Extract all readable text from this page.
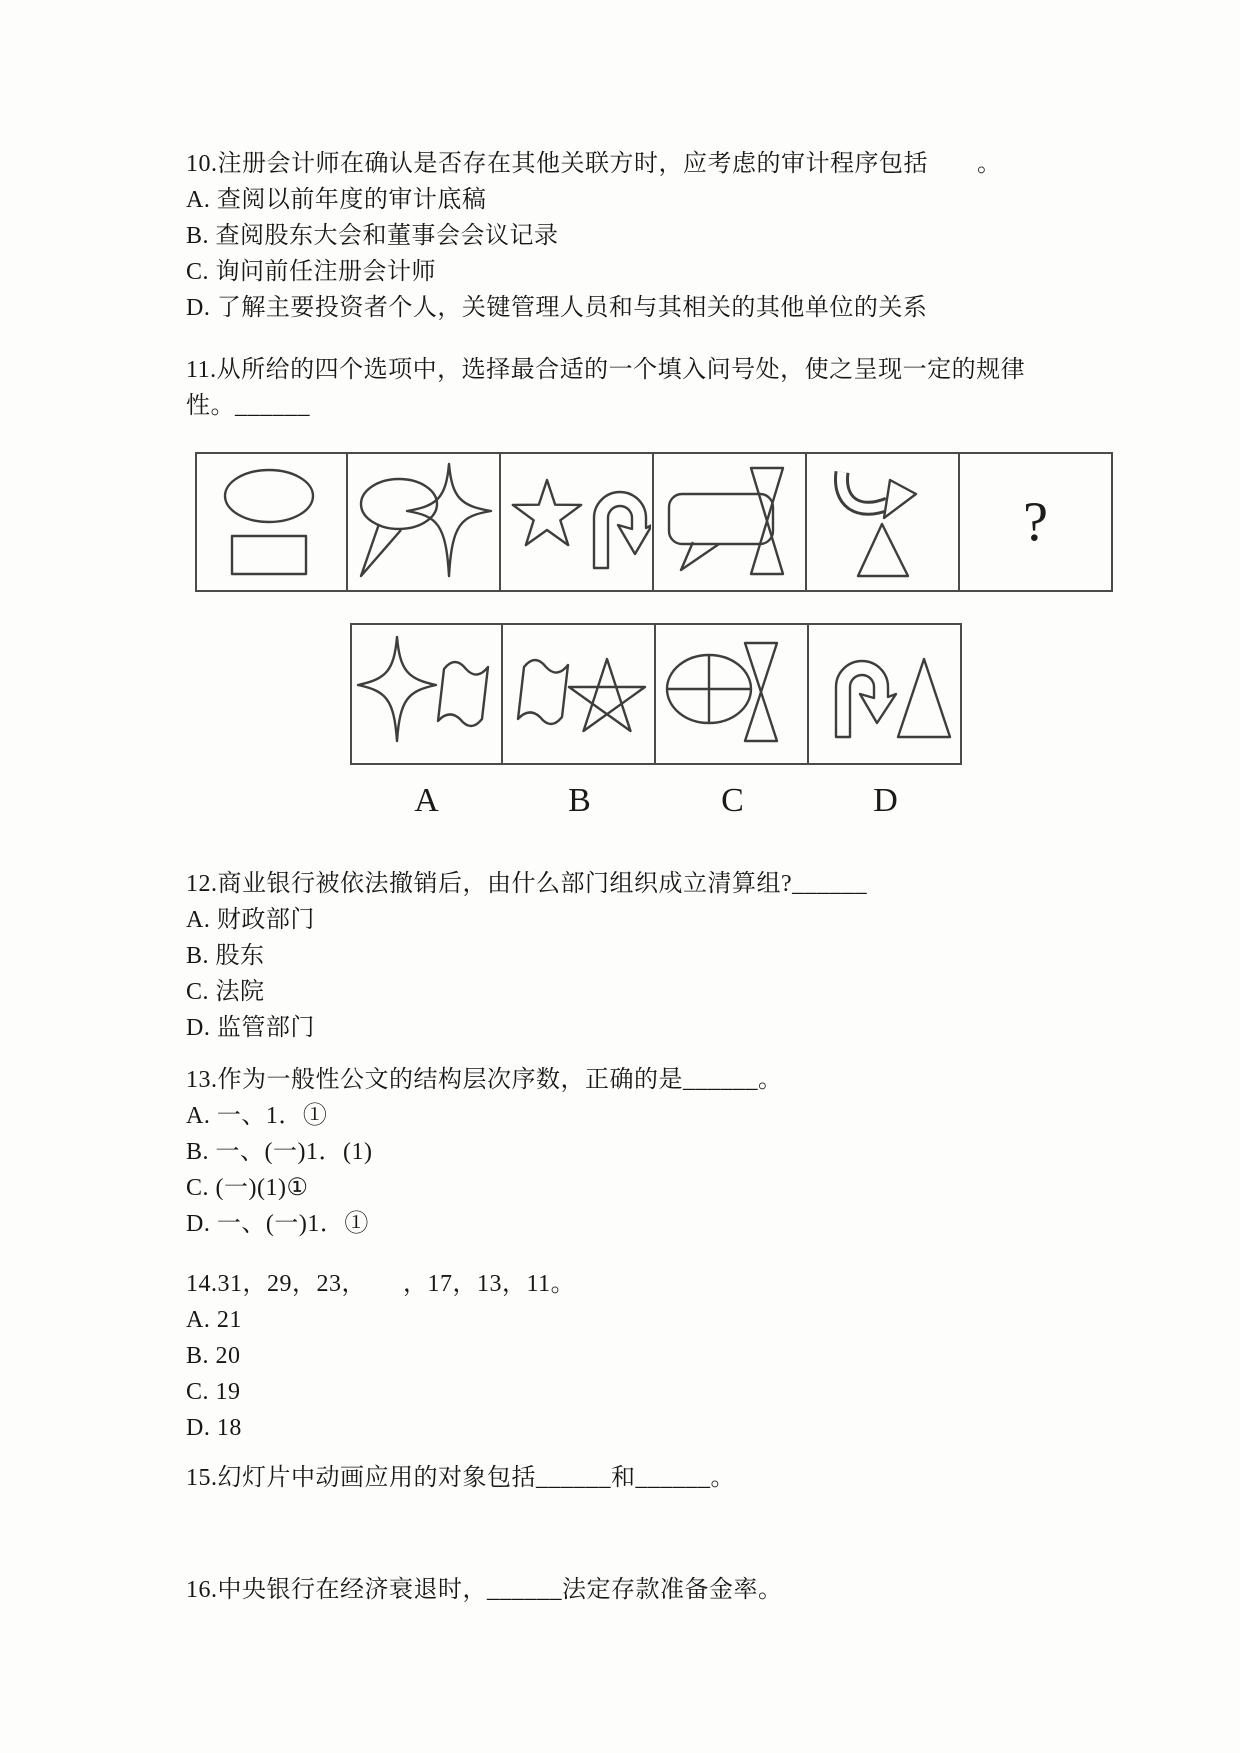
10.注册会计师在确认是否存在其他关联方时，应考虑的审计程序包括　　。
A. 查阅以前年度的审计底稿
B. 查阅股东大会和董事会会议记录
C. 询问前任注册会计师
D. 了解主要投资者个人，关键管理人员和与其相关的其他单位的关系
11.从所给的四个选项中，选择最合适的一个填入问号处，使之呈现一定的规律
性。______
?
A	B	C	D
12.商业银行被依法撤销后，由什么部门组织成立清算组?______
A. 财政部门
B. 股东
C. 法院
D. 监管部门
13.作为一般性公文的结构层次序数，正确的是______。
A. 一、1．①
B. 一、(一)1．(1)
C. (一)(1)①
D. 一、(一)1．①
14.31，29，23，　　，17，13，11。
A. 21
B. 20
C. 19
D. 18
15.幻灯片中动画应用的对象包括______和______。
16.中央银行在经济衰退时，______法定存款准备金率。
